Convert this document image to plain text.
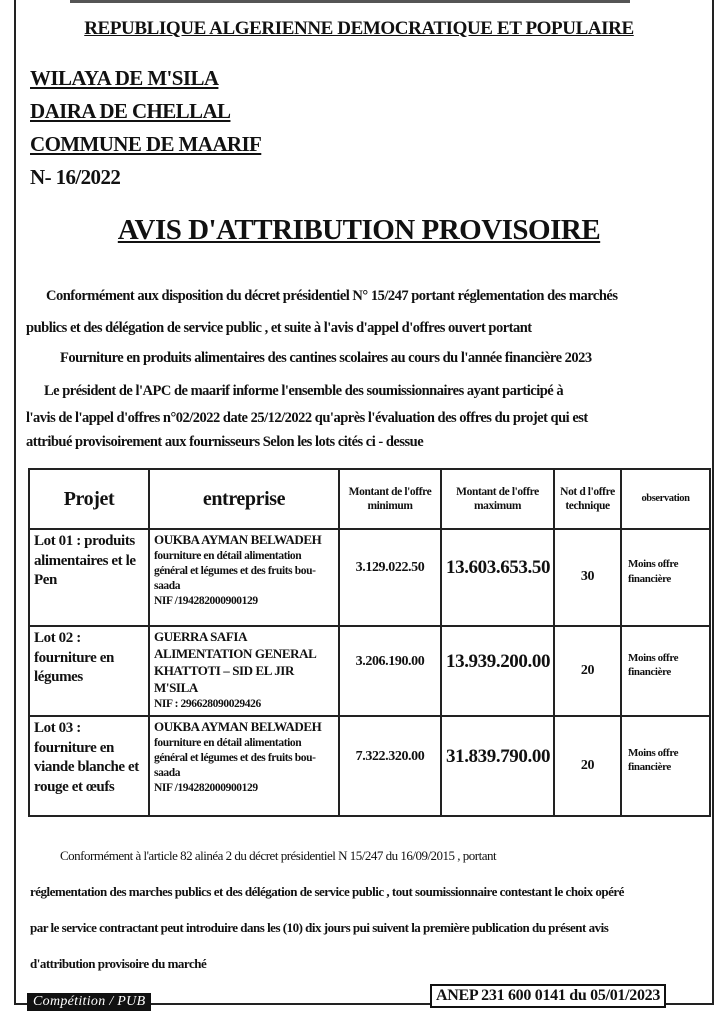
REPUBLIQUE ALGERIENNE DEMOCRATIQUE ET POPULAIRE
WILAYA DE M'SILA
DAIRA DE CHELLAL
COMMUNE DE MAARIF
N- 16/2022
AVIS D'ATTRIBUTION PROVISOIRE
Conformément aux disposition du décret présidentiel N° 15/247 portant réglementation des marchés
publics et des délégation de service public , et suite à l'avis d'appel d'offres ouvert portant
Fourniture en produits alimentaires des cantines scolaires au cours du l'année financière 2023
Le président de l'APC de maarif informe l'ensemble des soumissionnaires ayant participé à
l'avis de l'appel d'offres n°02/2022 date 25/12/2022 qu'après l'évaluation des offres du projet qui est
attribué provisoirement aux fournisseurs Selon les lots cités ci - dessue
Projet	entreprise	Montant de l'offre minimum	Montant de l'offre maximum	Not d l'offre technique	observation
Lot 01 : produits alimentaires et le Pen	OUKBA AYMAN BELWADEH
fourniture en détail alimentation général et légumes et des fruits bou-saada
NIF /194282000900129	3.129.022.50	13.603.653.50	30	Moins offre financière
Lot 02 : fourniture en légumes	GUERRA SAFIA
ALIMENTATION GENERAL KHATTOTI – SID EL JIR M'SILA
NIF : 296628090029426	3.206.190.00	13.939.200.00	20	Moins offre financière
Lot 03 : fourniture en viande blanche et rouge et œufs	OUKBA AYMAN BELWADEH
fourniture en détail alimentation général et légumes et des fruits bou-saada
NIF /194282000900129	7.322.320.00	31.839.790.00	20	Moins offre financière
Conformément à l'article 82 alinéa 2 du décret présidentiel N 15/247 du 16/09/2015 , portant
réglementation des marches publics et des délégation de service public , tout soumissionnaire contestant le choix opéré
par le service contractant peut introduire dans les (10) dix jours pui suivent la première publication du présent avis
d'attribution provisoire du marché
Compétition / PUB	ANEP 231 600 0141 du 05/01/2023
